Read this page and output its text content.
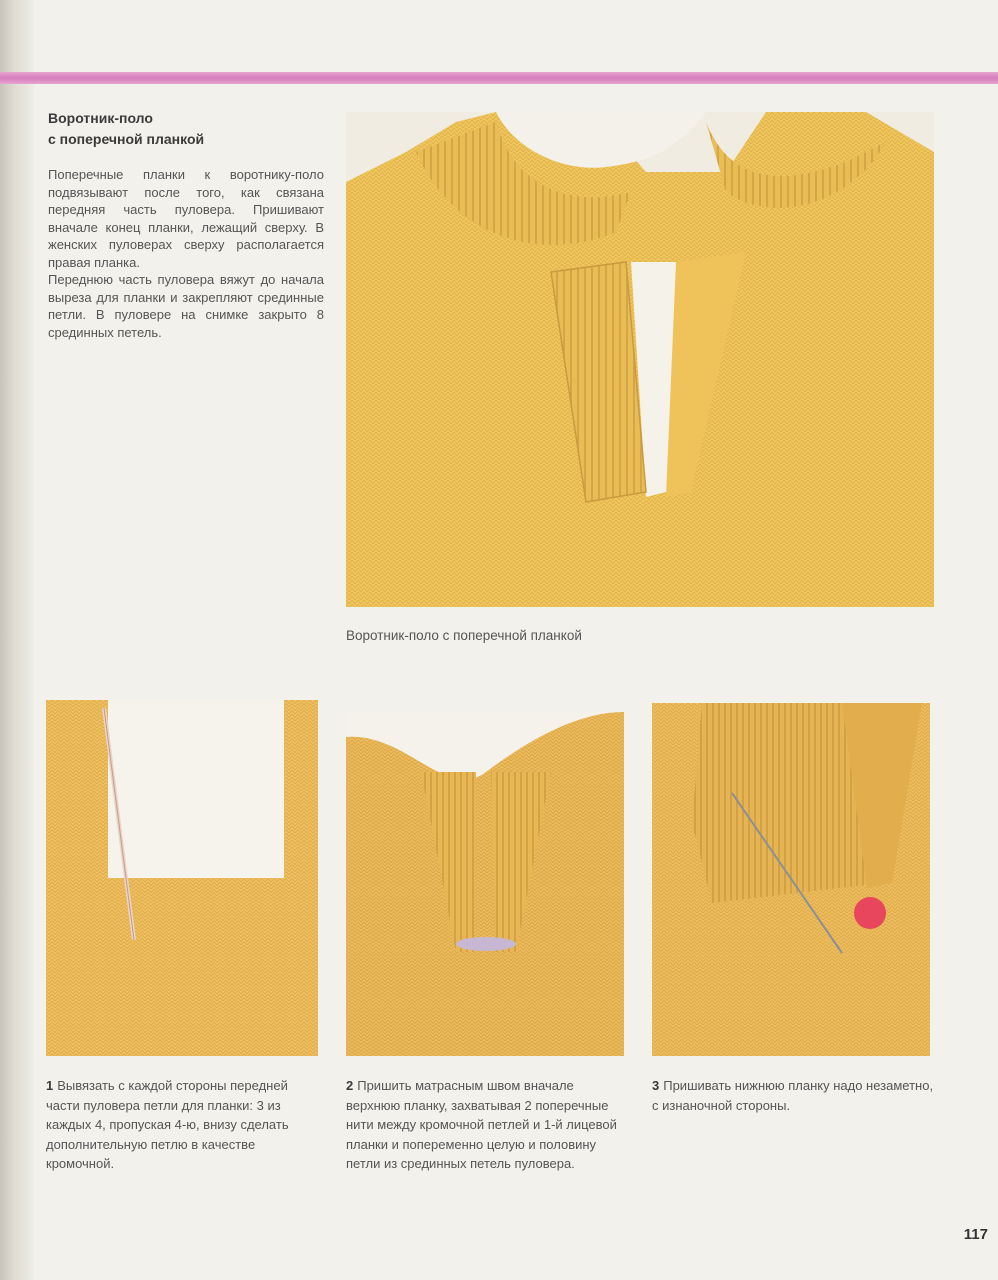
Воротник-поло
с поперечной планкой

Поперечные планки к воротнику-поло подвязывают после того, как связана передняя часть пуловера. Пришивают вначале конец планки, лежащий сверху. В женских пуловерах сверху располагается правая планка.

Переднюю часть пуловера вяжут до начала выреза для планки и закрепляют срединные петли. В пуловере на снимке закрыто 8 срединных петель.

Воротник-поло с поперечной планкой
1 Вывязать с каждой стороны передней части пуловера петли для планки: 3 из каждых 4, пропуская 4-ю, внизу сделать дополнительную петлю в качестве кромочной.
2 Пришить матрасным швом вначале верхнюю планку, захватывая 2 поперечные нити между кромочной петлей и 1-й лицевой планки и попеременно целую и половину петли из срединных петель пуловера.
3 Пришивать нижнюю планку надо незаметно, с изнаночной стороны.
117
